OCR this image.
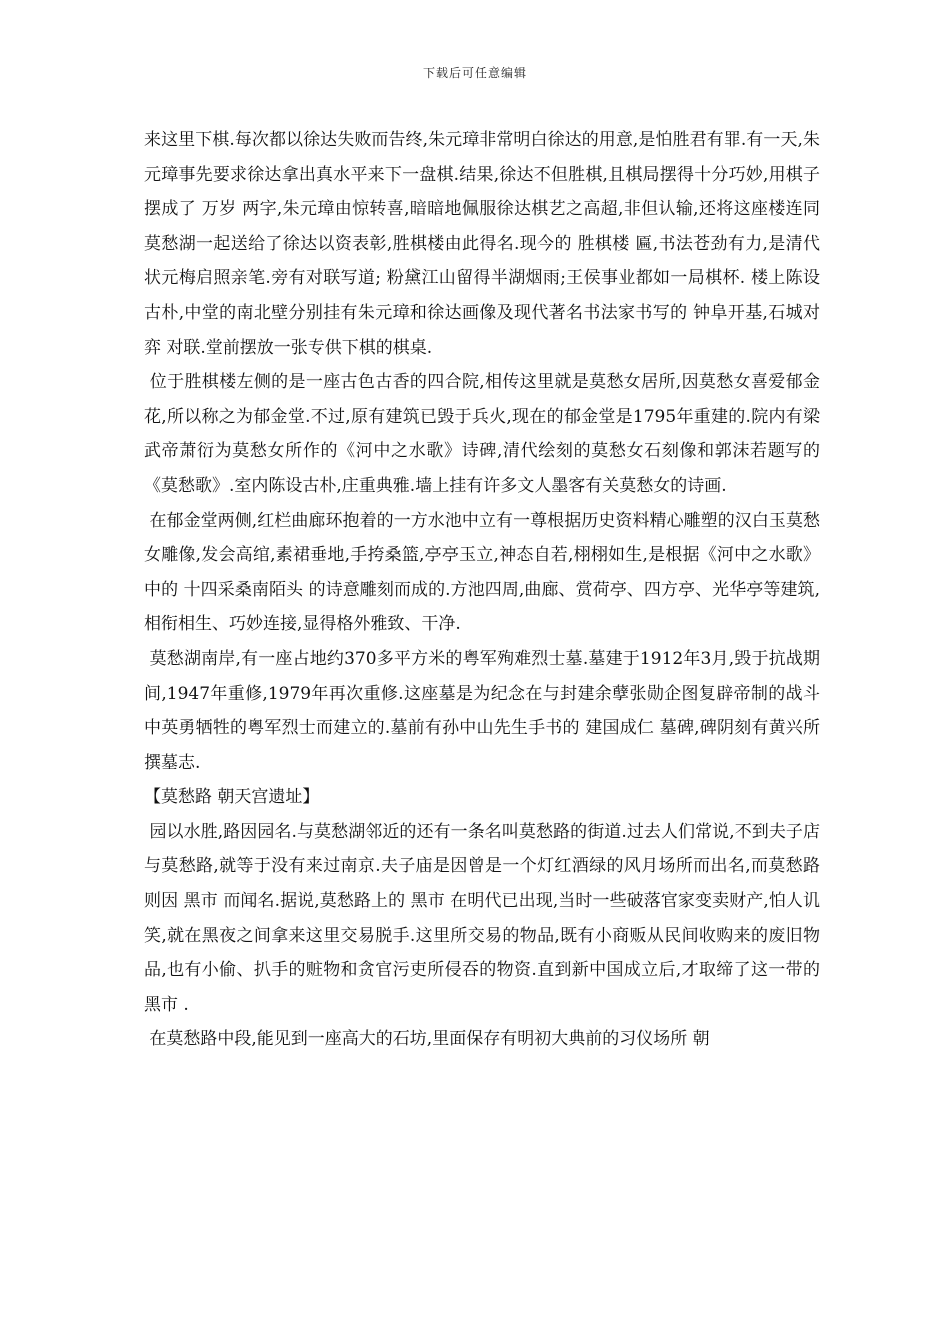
下载后可任意编辑

来这里下棋.每次都以徐达失败而告终,朱元璋非常明白徐达的用意,是怕胜君有罪.有一天,朱元璋事先要求徐达拿出真水平来下一盘棋.结果,徐达不但胜棋,且棋局摆得十分巧妙,用棋子摆成了 万岁 两字,朱元璋由惊转喜,暗暗地佩服徐达棋艺之高超,非但认输,还将这座楼连同莫愁湖一起送给了徐达以资表彰,胜棋楼由此得名.现今的 胜棋楼 匾,书法苍劲有力,是清代状元梅启照亲笔.旁有对联写道; 粉黛江山留得半湖烟雨;王侯事业都如一局棋杯. 楼上陈设古朴,中堂的南北壁分别挂有朱元璋和徐达画像及现代著名书法家书写的 钟阜开基,石城对弈 对联.堂前摆放一张专供下棋的棋桌.

位于胜棋楼左侧的是一座古色古香的四合院,相传这里就是莫愁女居所,因莫愁女喜爱郁金花,所以称之为郁金堂.不过,原有建筑已毁于兵火,现在的郁金堂是1795年重建的.院内有梁武帝萧衍为莫愁女所作的《河中之水歌》诗碑,清代绘刻的莫愁女石刻像和郭沫若题写的《莫愁歌》.室内陈设古朴,庄重典雅.墙上挂有许多文人墨客有关莫愁女的诗画.

在郁金堂两侧,红栏曲廊环抱着的一方水池中立有一尊根据历史资料精心雕塑的汉白玉莫愁女雕像,发会高绾,素裙垂地,手挎桑篮,亭亭玉立,神态自若,栩栩如生,是根据《河中之水歌》中的 十四采桑南陌头 的诗意雕刻而成的.方池四周,曲廊、赏荷亭、四方亭、光华亭等建筑,相衔相生、巧妙连接,显得格外雅致、干净.

莫愁湖南岸,有一座占地约370多平方米的粤军殉难烈士墓.墓建于1912年3月,毁于抗战期间,1947年重修,1979年再次重修.这座墓是为纪念在与封建余孽张勋企图复辟帝制的战斗中英勇牺牲的粤军烈士而建立的.墓前有孙中山先生手书的 建国成仁 墓碑,碑阴刻有黄兴所撰墓志.

【莫愁路 朝天宫遗址】

园以水胜,路因园名.与莫愁湖邻近的还有一条名叫莫愁路的街道.过去人们常说,不到夫子店与莫愁路,就等于没有来过南京.夫子庙是因曾是一个灯红酒绿的风月场所而出名,而莫愁路则因 黑市 而闻名.据说,莫愁路上的 黑市 在明代已出现,当时一些破落官家变卖财产,怕人讥笑,就在黑夜之间拿来这里交易脱手.这里所交易的物品,既有小商贩从民间收购来的废旧物品,也有小偷、扒手的赃物和贪官污吏所侵吞的物资.直到新中国成立后,才取缔了这一带的 黑市 .

在莫愁路中段,能见到一座高大的石坊,里面保存有明初大典前的习仪场所 朝
